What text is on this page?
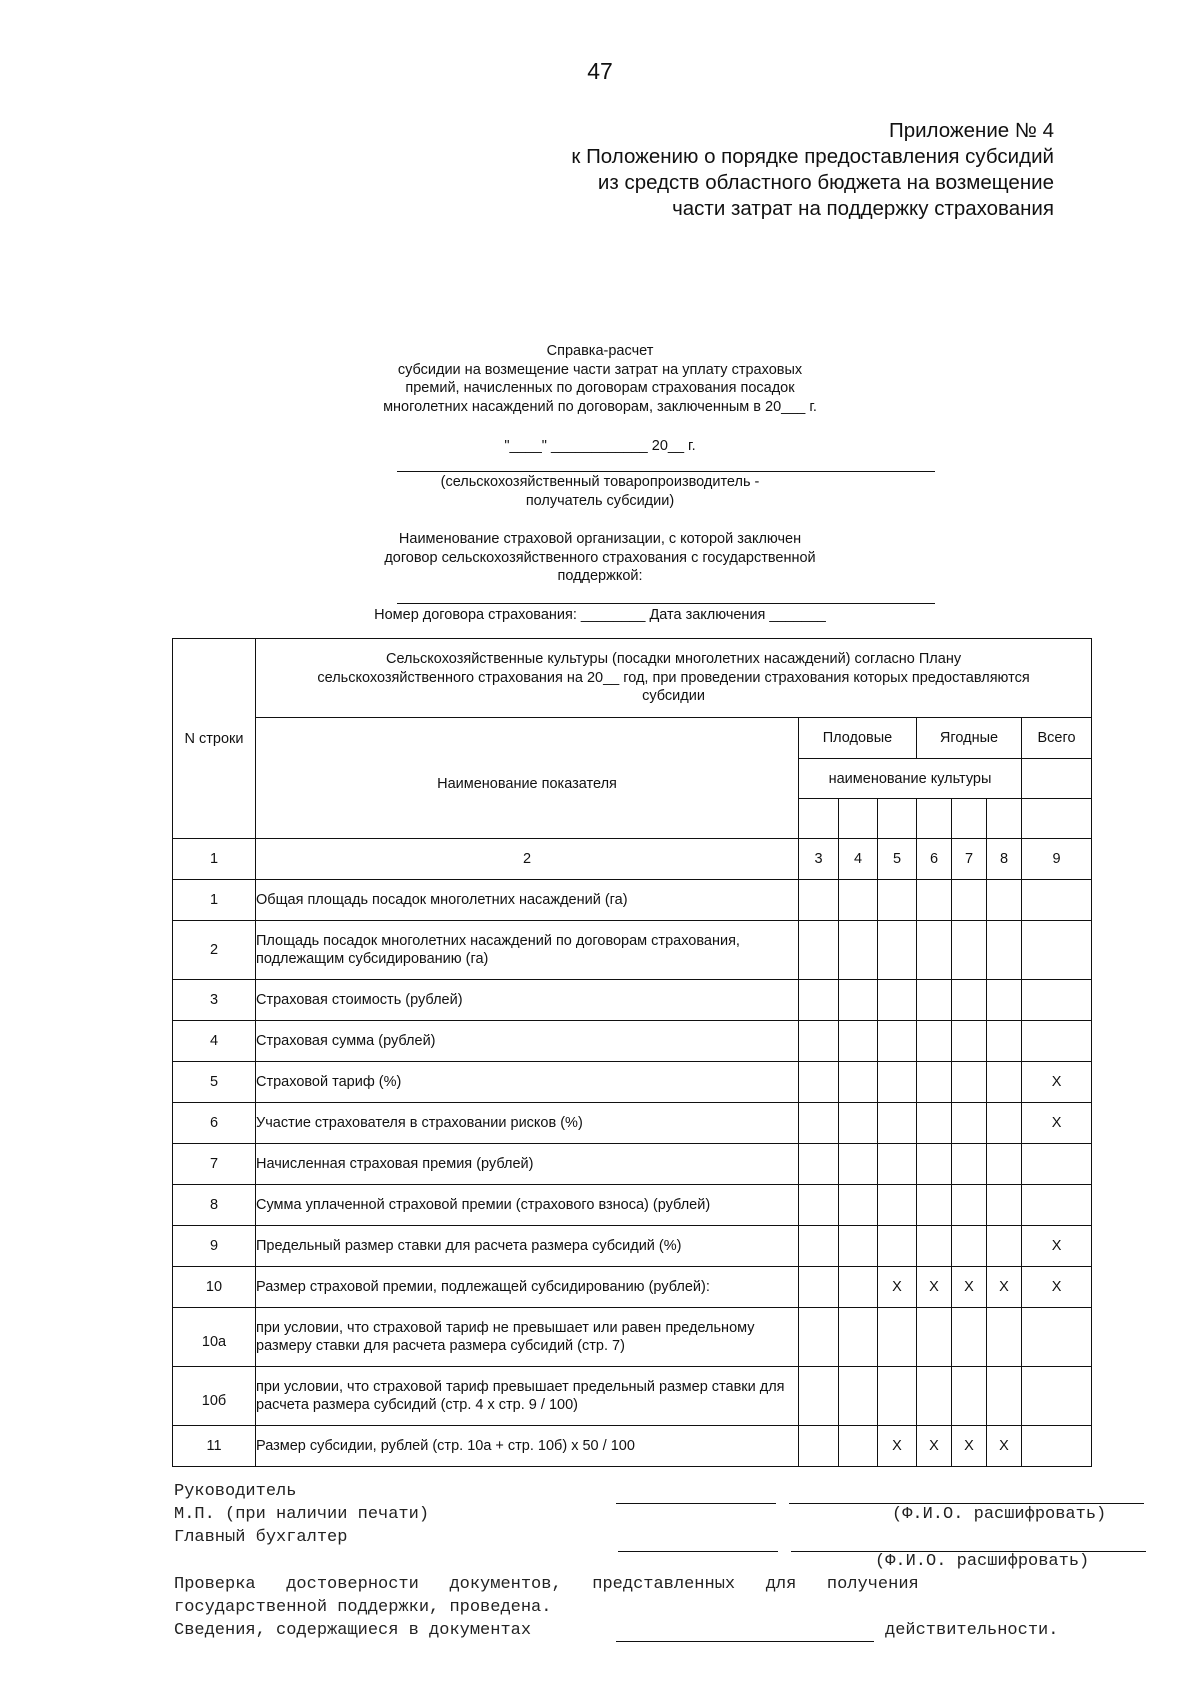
47
Приложение № 4
к Положению о порядке предоставления субсидий
из средств областного бюджета на возмещение
части затрат на поддержку страхования
Справка-расчет
субсидии на возмещение части затрат на уплату страховых
премий, начисленных по договорам страхования посадок
многолетних насаждений по договорам, заключенным в 20___ г.
"____" ____________ 20__ г.
(сельскохозяйственный товаропроизводитель -
получатель субсидии)
Наименование страховой организации, с которой заключен
договор сельскохозяйственного страхования с государственной
поддержкой:
Номер договора страхования: ________ Дата заключения _______
N строки	Сельскохозяйственные культуры (посадки многолетних насаждений) согласно Плану
сельскохозяйственного страхования на 20__ год, при проведении страхования которых предоставляются
субсидии							

	Наименование показателя	Плодовые			Ягодные			Всего
		наименование культуры						

1	2	3	4	5	6	7	8	9
1	Общая площадь посадок многолетних насаждений (га)							
2	Площадь посадок многолетних насаждений по договорам страхования, подлежащим субсидированию (га)							
3	Страховая стоимость (рублей)							
4	Страховая сумма (рублей)							
5	Страховой тариф (%)							X
6	Участие страхователя в страховании рисков (%)							X
7	Начисленная страховая премия (рублей)							
8	Сумма уплаченной страховой премии (страхового взноса) (рублей)							
9	Предельный размер ставки для расчета размера субсидий (%)							X
10	Размер страховой премии, подлежащей субсидированию (рублей):			X	X	X	X	X
10а	при условии, что страховой тариф не превышает или равен предельному размеру ставки для расчета размера субсидий (стр. 7)							
10б	при условии, что страховой тариф превышает предельный размер ставки для расчета размера субсидий (стр. 4 х стр. 9 / 100)							
11	Размер субсидии, рублей (стр. 10а + стр. 10б) х 50 / 100			X	X	X	X	
Руководитель
М.П. (при наличии печати)	(Ф.И.О. расшифровать)
Главный бухгалтер
(Ф.И.О. расшифровать)
Проверка   достоверности   документов,   представленных   для   получения
государственной поддержки, проведена.
Сведения, содержащиеся в документах	действительности.
